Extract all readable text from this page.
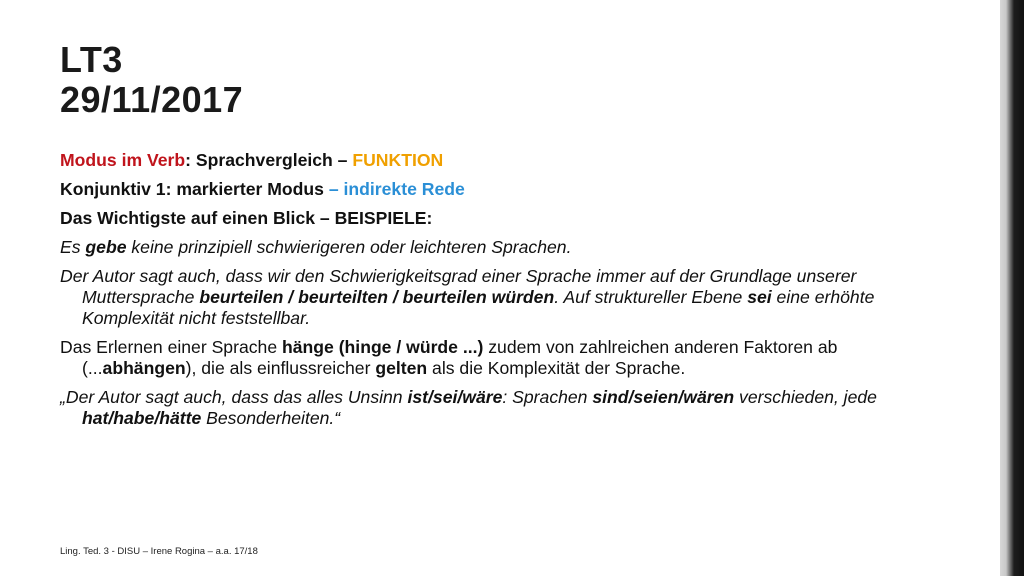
LT3
29/11/2017

Modus im Verb: Sprachvergleich – FUNKTION

Konjunktiv 1: markierter Modus – indirekte Rede

Das Wichtigste auf einen Blick – BEISPIELE:

Es gebe keine prinzipiell schwierigeren oder leichteren Sprachen.

Der Autor sagt auch, dass wir den Schwierigkeitsgrad einer Sprache immer auf der Grundlage unserer Muttersprache beurteilen / beurteilten / beurteilen würden. Auf struktureller Ebene sei eine erhöhte Komplexität nicht feststellbar.

Das Erlernen einer Sprache hänge (hinge / würde ...) zudem von zahlreichen anderen Faktoren ab (...abhängen), die als einflussreicher gelten als die Komplexität der Sprache.

„Der Autor sagt auch, dass das alles Unsinn ist/sei/wäre: Sprachen sind/seien/wären verschieden, jede hat/habe/hätte Besonderheiten.“

Ling. Ted. 3 - DISU – Irene Rogina – a.a. 17/18
